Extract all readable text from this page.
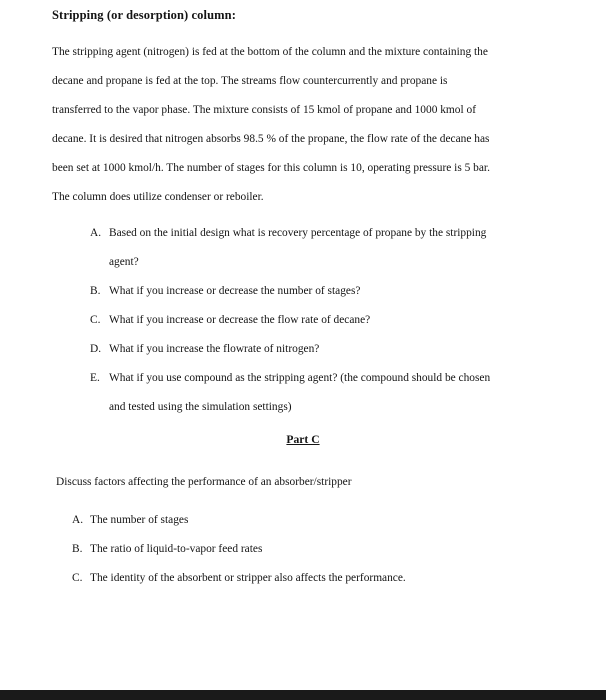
Stripping (or desorption) column:
The stripping agent (nitrogen) is fed at the bottom of the column and the mixture containing the
decane and propane is fed at the top. The streams flow countercurrently and propane is
transferred to the vapor phase. The mixture consists of 15 kmol of propane and 1000 kmol of
decane. It is desired that nitrogen absorbs 98.5 % of the propane, the flow rate of the decane has
been set at 1000 kmol/h. The number of stages for this column is 10, operating pressure is 5 bar.
The column does utilize condenser or reboiler.
A. Based on the initial design what is recovery percentage of propane by the stripping
agent?
B. What if you increase or decrease the number of stages?
C. What if you increase or decrease the flow rate of decane?
D. What if you increase the flowrate of nitrogen?
E. What if you use compound as the stripping agent? (the compound should be chosen
and tested using the simulation settings)
Part C
Discuss factors affecting the performance of an absorber/stripper
A. The number of stages
B. The ratio of liquid-to-vapor feed rates
C. The identity of the absorbent or stripper also affects the performance.
